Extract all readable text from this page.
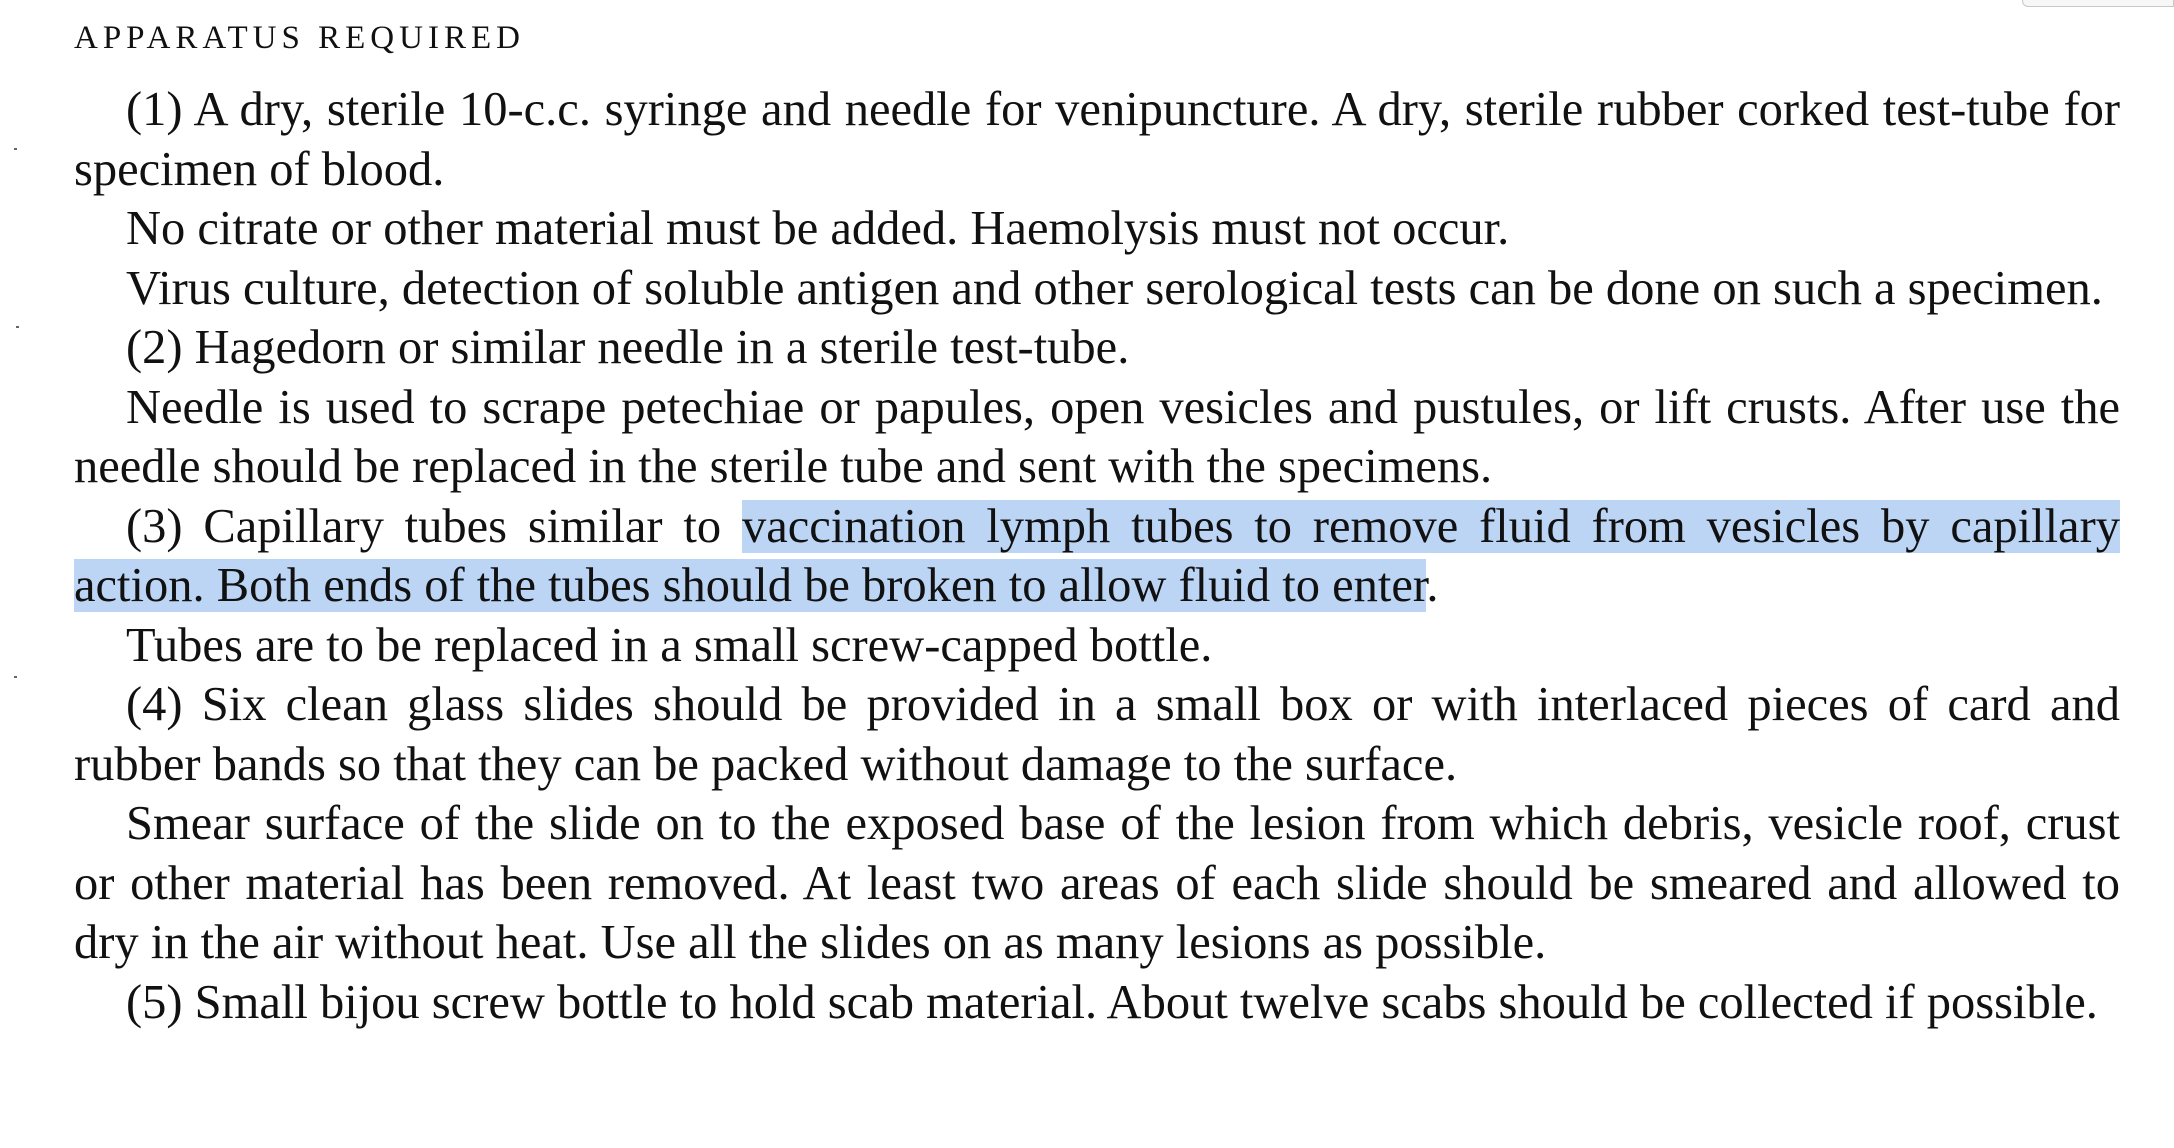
APPARATUS REQUIRED

(1) A dry, sterile 10-c.c. syringe and needle for venipuncture. A dry, sterile rubber corked test-tube for specimen of blood.

No citrate or other material must be added. Haemolysis must not occur.

Virus culture, detection of soluble antigen and other serological tests can be done on such a specimen.

(2) Hagedorn or similar needle in a sterile test-tube.

Needle is used to scrape petechiae or papules, open vesicles and pustules, or lift crusts. After use the needle should be replaced in the sterile tube and sent with the specimens.

(3) Capillary tubes similar to vaccination lymph tubes to remove fluid from vesicles by capillary action. Both ends of the tubes should be broken to allow fluid to enter.

Tubes are to be replaced in a small screw-capped bottle.

(4) Six clean glass slides should be provided in a small box or with interlaced pieces of card and rubber bands so that they can be packed without damage to the surface.

Smear surface of the slide on to the exposed base of the lesion from which debris, vesicle roof, crust or other material has been removed. At least two areas of each slide should be smeared and allowed to dry in the air without heat. Use all the slides on as many lesions as possible.

(5) Small bijou screw bottle to hold scab material. About twelve scabs should be collected if possible.
